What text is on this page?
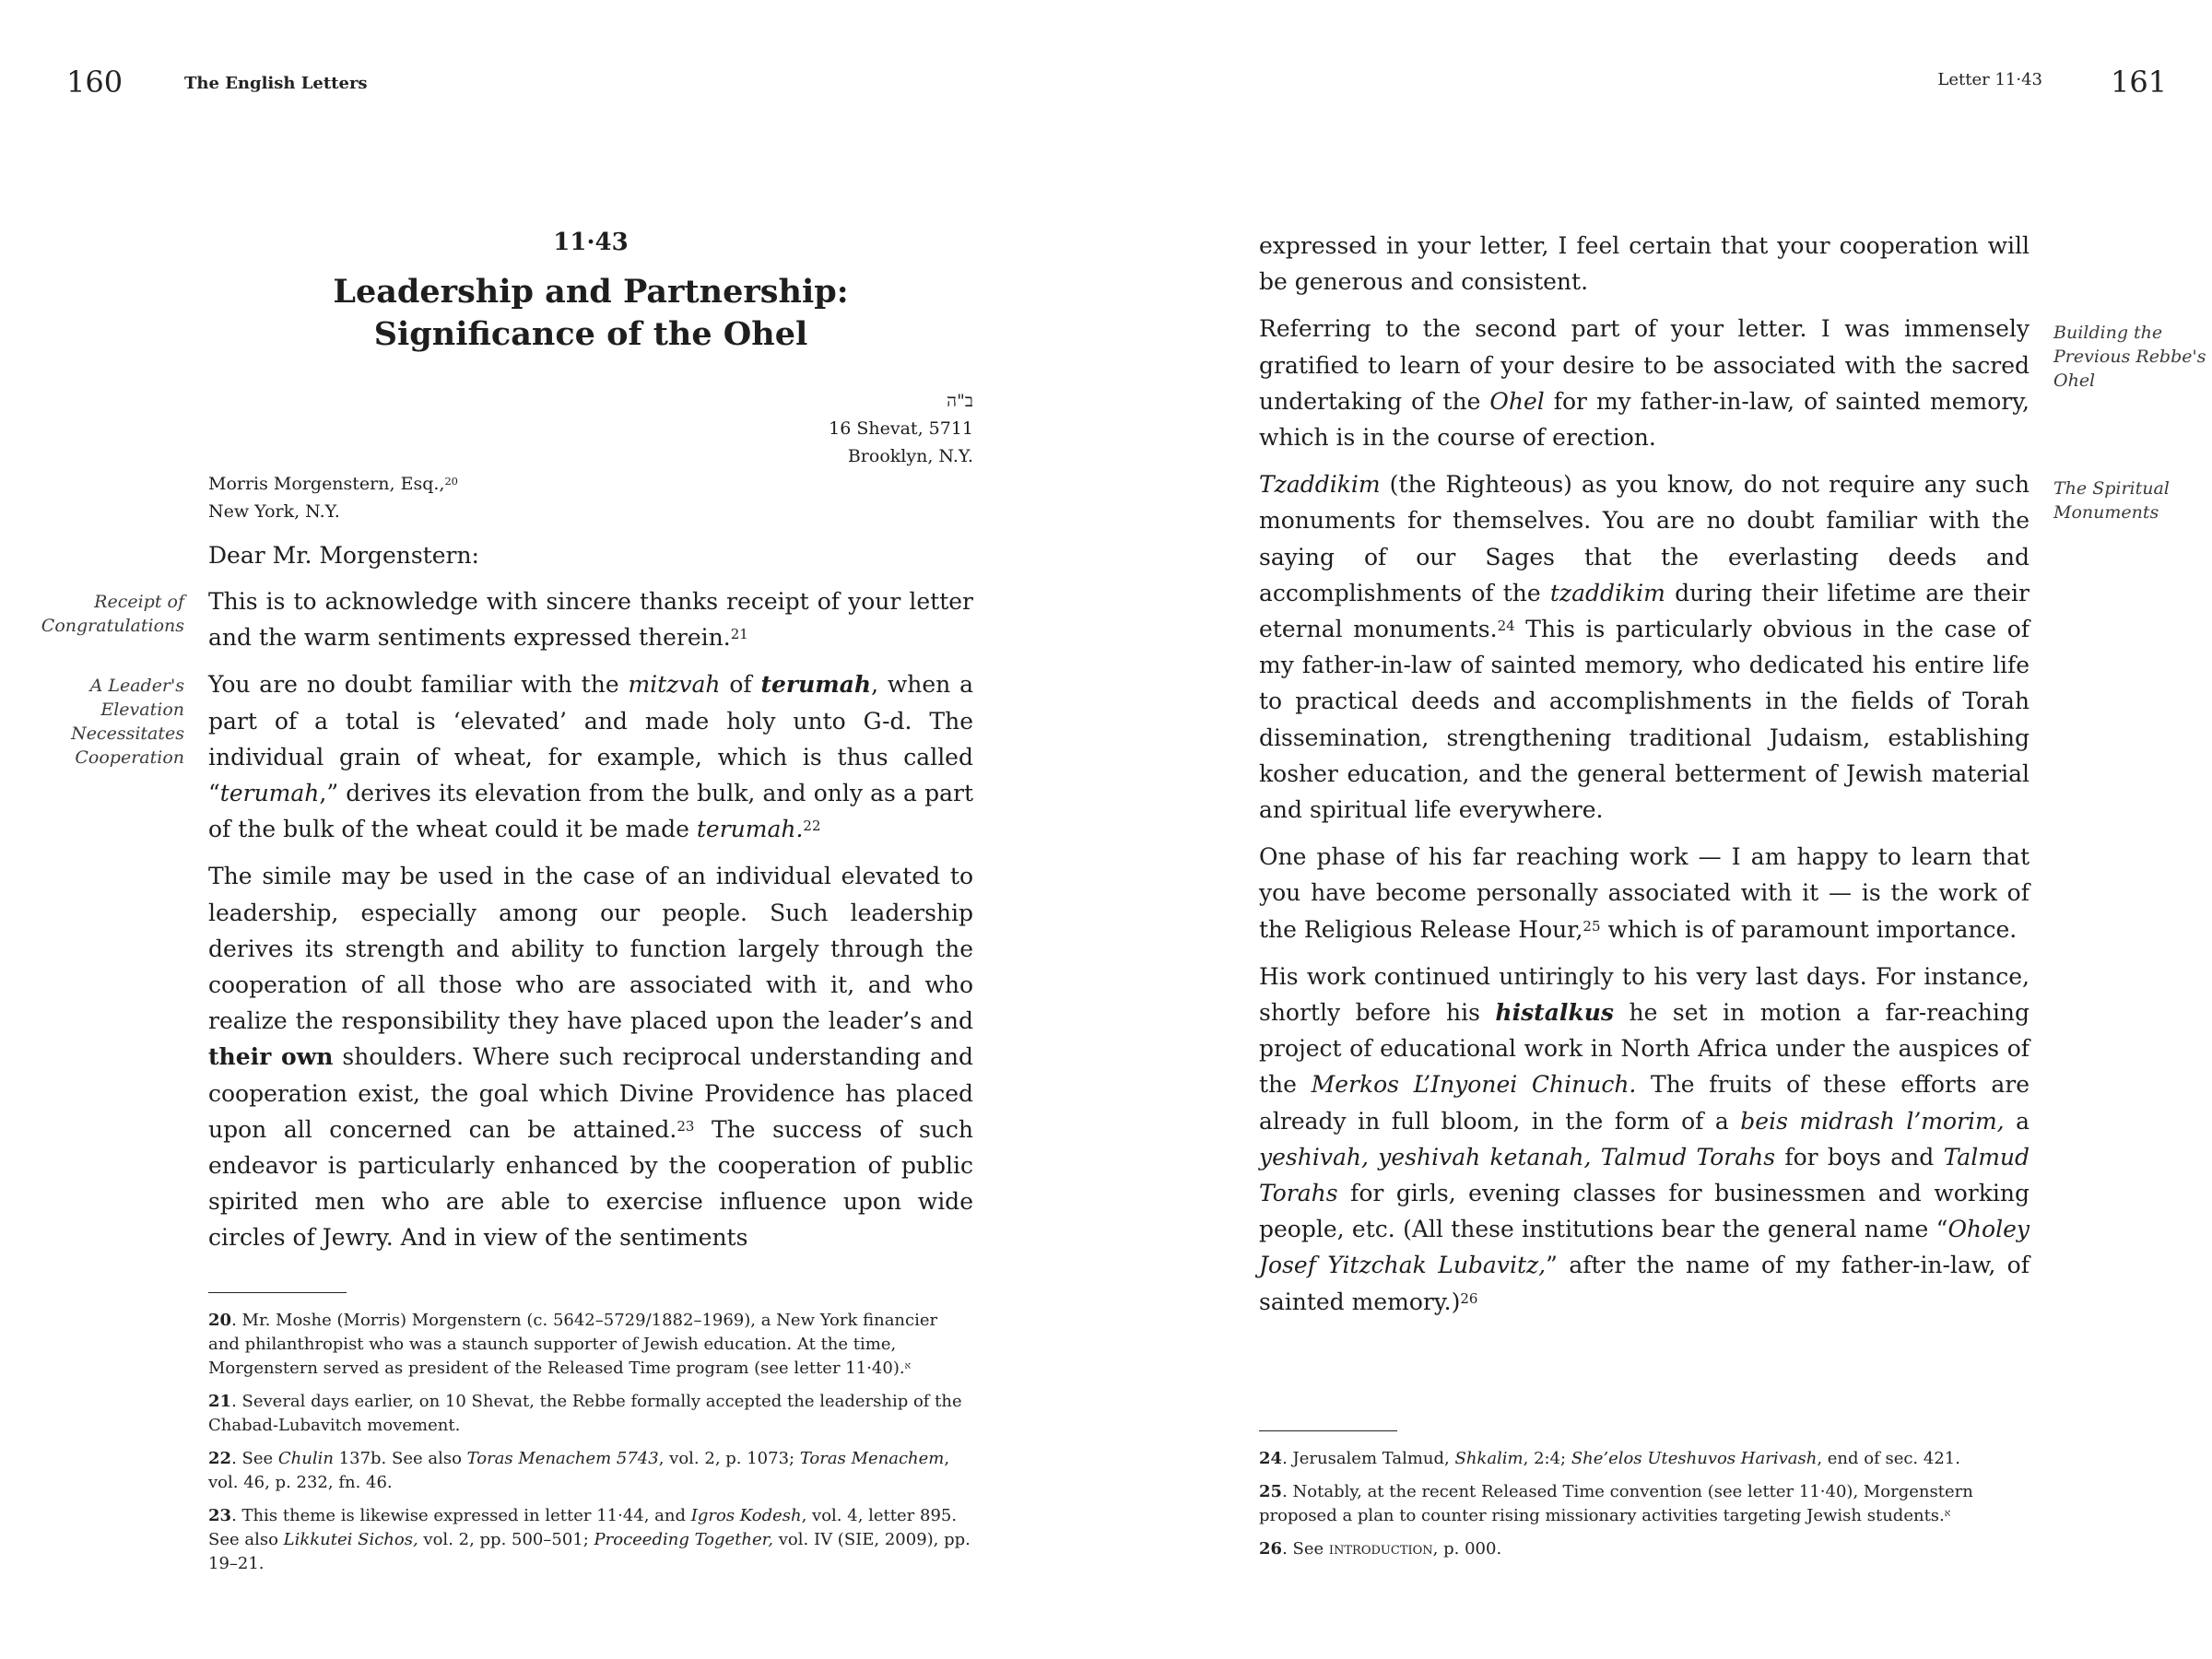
160	The English Letters
11·43
Leadership and Partnership:
Significance of the Ohel
ב"ה
16 Shevat, 5711
Brooklyn, N.Y.
Morris Morgenstern, Esq.,$^{20}$
New York, N.Y.
Dear Mr. Morgenstern:
Receipt of Congratulations
A Leader's Elevation Necessitates Cooperation

This is to acknowledge with sincere thanks receipt of your letter and the warm sentiments expressed therein.$^{21}$

You are no doubt familiar with the mitzvah of terumah, when a part of a total is ‘elevated’ and made holy unto G-d. The individual grain of wheat, for example, which is thus called “terumah,” derives its elevation from the bulk, and only as a part of the bulk of the wheat could it be made terumah.$^{22}$

The simile may be used in the case of an individual elevated to leadership, especially among our people. Such leadership derives its strength and ability to function largely through the cooperation of all those who are associated with it, and who realize the responsibility they have placed upon the leader’s and their own shoulders. Where such reciprocal understanding and cooperation exist, the goal which Divine Providence has placed upon all concerned can be attained.$^{23}$ The success of such endeavor is particularly enhanced by the cooperation of public spirited men who are able to exercise influence upon wide circles of Jewry. And in view of the sentiments

20. Mr. Moshe (Morris) Morgenstern (c. 5642–5729/1882–1969), a New York financier and philanthropist who was a staunch supporter of Jewish education. At the time, Morgenstern served as president of the Released Time program (see letter 11·40).$^א$

21. Several days earlier, on 10 Shevat, the Rebbe formally accepted the leadership of the Chabad-Lubavitch movement.

22. See Chulin 137b. See also Toras Menachem 5743, vol. 2, p. 1073; Toras Menachem, vol. 46, p. 232, fn. 46.

23. This theme is likewise expressed in letter 11·44, and Igros Kodesh, vol. 4, letter 895. See also Likkutei Sichos, vol. 2, pp. 500–501; Proceeding Together, vol. IV (SIE, 2009), pp. 19–21.

Letter 11·43 161
Building the Previous Rebbe's Ohel
The Spiritual Monuments

expressed in your letter, I feel certain that your cooperation will be generous and consistent.

Referring to the second part of your letter. I was immensely gratified to learn of your desire to be associated with the sacred undertaking of the Ohel for my father-in-law, of sainted memory, which is in the course of erection.

Tzaddikim (the Righteous) as you know, do not require any such monuments for themselves. You are no doubt familiar with the saying of our Sages that the everlasting deeds and accomplishments of the tzaddikim during their lifetime are their eternal monuments.$^{24}$ This is particularly obvious in the case of my father-in-law of sainted memory, who dedicated his entire life to practical deeds and accomplishments in the fields of Torah dissemination, strengthening traditional Judaism, establishing kosher education, and the general betterment of Jewish material and spiritual life everywhere.

One phase of his far reaching work — I am happy to learn that you have become personally associated with it — is the work of the Religious Release Hour,$^{25}$ which is of paramount importance.

His work continued untiringly to his very last days. For instance, shortly before his histalkus he set in motion a far-reaching project of educational work in North Africa under the auspices of the Merkos L’Inyonei Chinuch. The fruits of these efforts are already in full bloom, in the form of a beis midrash l’morim, a yeshivah, yeshivah ketanah, Talmud Torahs for boys and Talmud Torahs for girls, evening classes for businessmen and working people, etc. (All these institutions bear the general name “Oholey Josef Yitzchak Lubavitz,” after the name of my father-in-law, of sainted memory.)$^{26}$

24. Jerusalem Talmud, Shkalim, 2:4; She’elos Uteshuvos Harivash, end of sec. 421.

25. Notably, at the recent Released Time convention (see letter 11·40), Morgenstern proposed a plan to counter rising missionary activities targeting Jewish students.$^א$

26. See introduction, p. 000.
